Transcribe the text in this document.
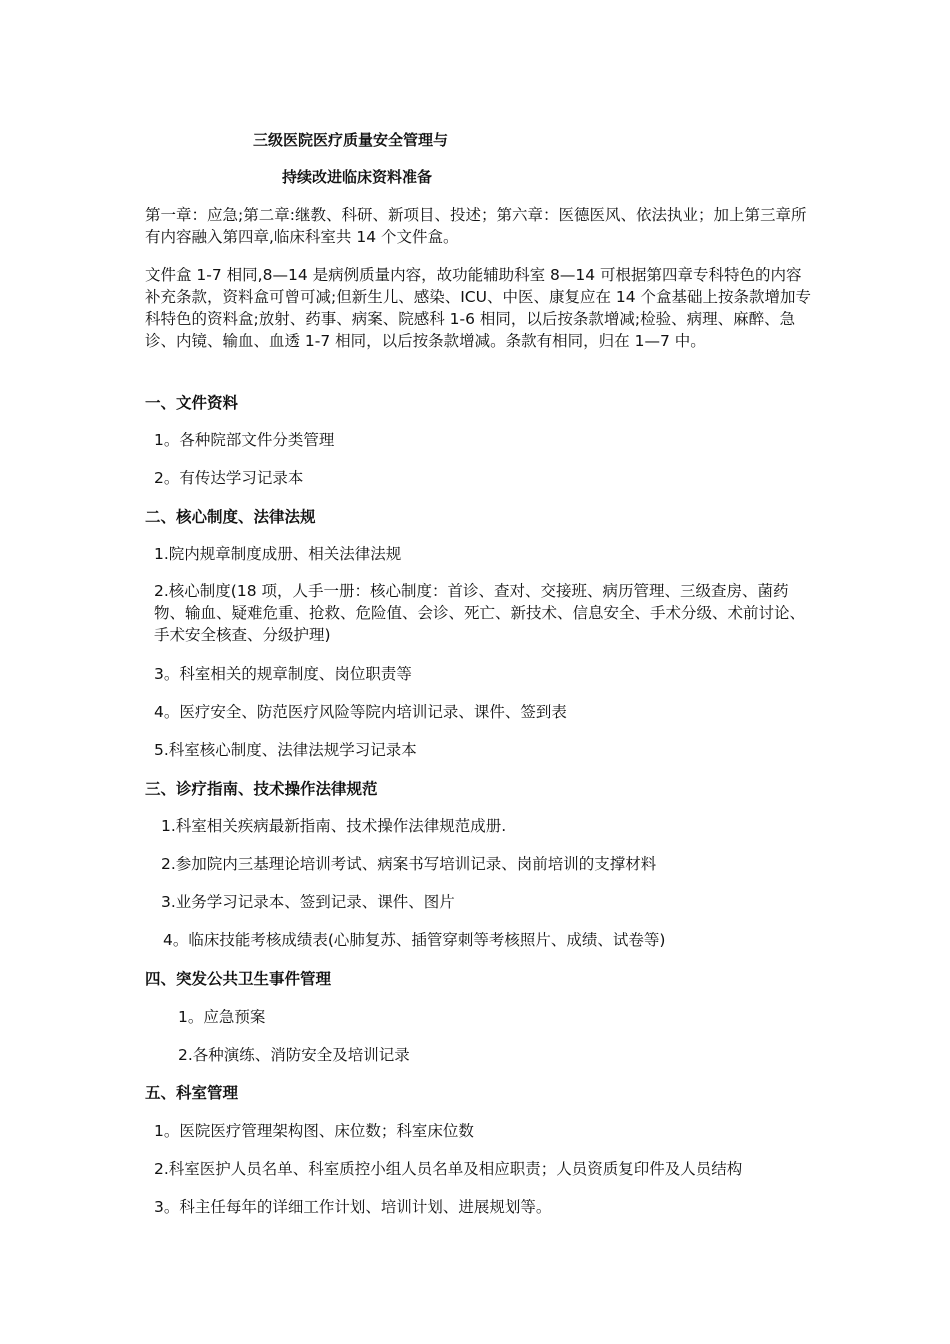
三级医院医疗质量安全管理与
持续改进临床资料准备
第一章：应急;第二章:继教、科研、新项目、投述；第六章：医德医风、依法执业；加上第三章所有内容融入第四章,临床科室共 14 个文件盒。
文件盒 1-7 相同,8—14 是病例质量内容，故功能辅助科室 8—14 可根据第四章专科特色的内容补充条款，资料盒可曾可减;但新生儿、感染、ICU、中医、康复应在 14 个盒基础上按条款增加专科特色的资料盒;放射、药事、病案、院感科 1-6 相同，以后按条款增减;检验、病理、麻醉、急诊、内镜、输血、血透 1-7 相同，以后按条款增减。条款有相同，归在 1—7 中。
一、文件资料
1。各种院部文件分类管理
2。有传达学习记录本
二、核心制度、法律法规
1.院内规章制度成册、相关法律法规
2.核心制度(18 项，人手一册：核心制度：首诊、查对、交接班、病历管理、三级查房、菌药物、输血、疑难危重、抢救、危险值、会诊、死亡、新技术、信息安全、手术分级、术前讨论、手术安全核查、分级护理)
3。科室相关的规章制度、岗位职责等
4。医疗安全、防范医疗风险等院内培训记录、课件、签到表
5.科室核心制度、法律法规学习记录本
三、诊疗指南、技术操作法律规范
1.科室相关疾病最新指南、技术操作法律规范成册.
2.参加院内三基理论培训考试、病案书写培训记录、岗前培训的支撑材料
3.业务学习记录本、签到记录、课件、图片
4。临床技能考核成绩表(心肺复苏、插管穿刺等考核照片、成绩、试卷等)
四、突发公共卫生事件管理
1。应急预案
2.各种演练、消防安全及培训记录
五、科室管理
1。医院医疗管理架构图、床位数；科室床位数
2.科室医护人员名单、科室质控小组人员名单及相应职责；人员资质复印件及人员结构
3。科主任每年的详细工作计划、培训计划、进展规划等。
